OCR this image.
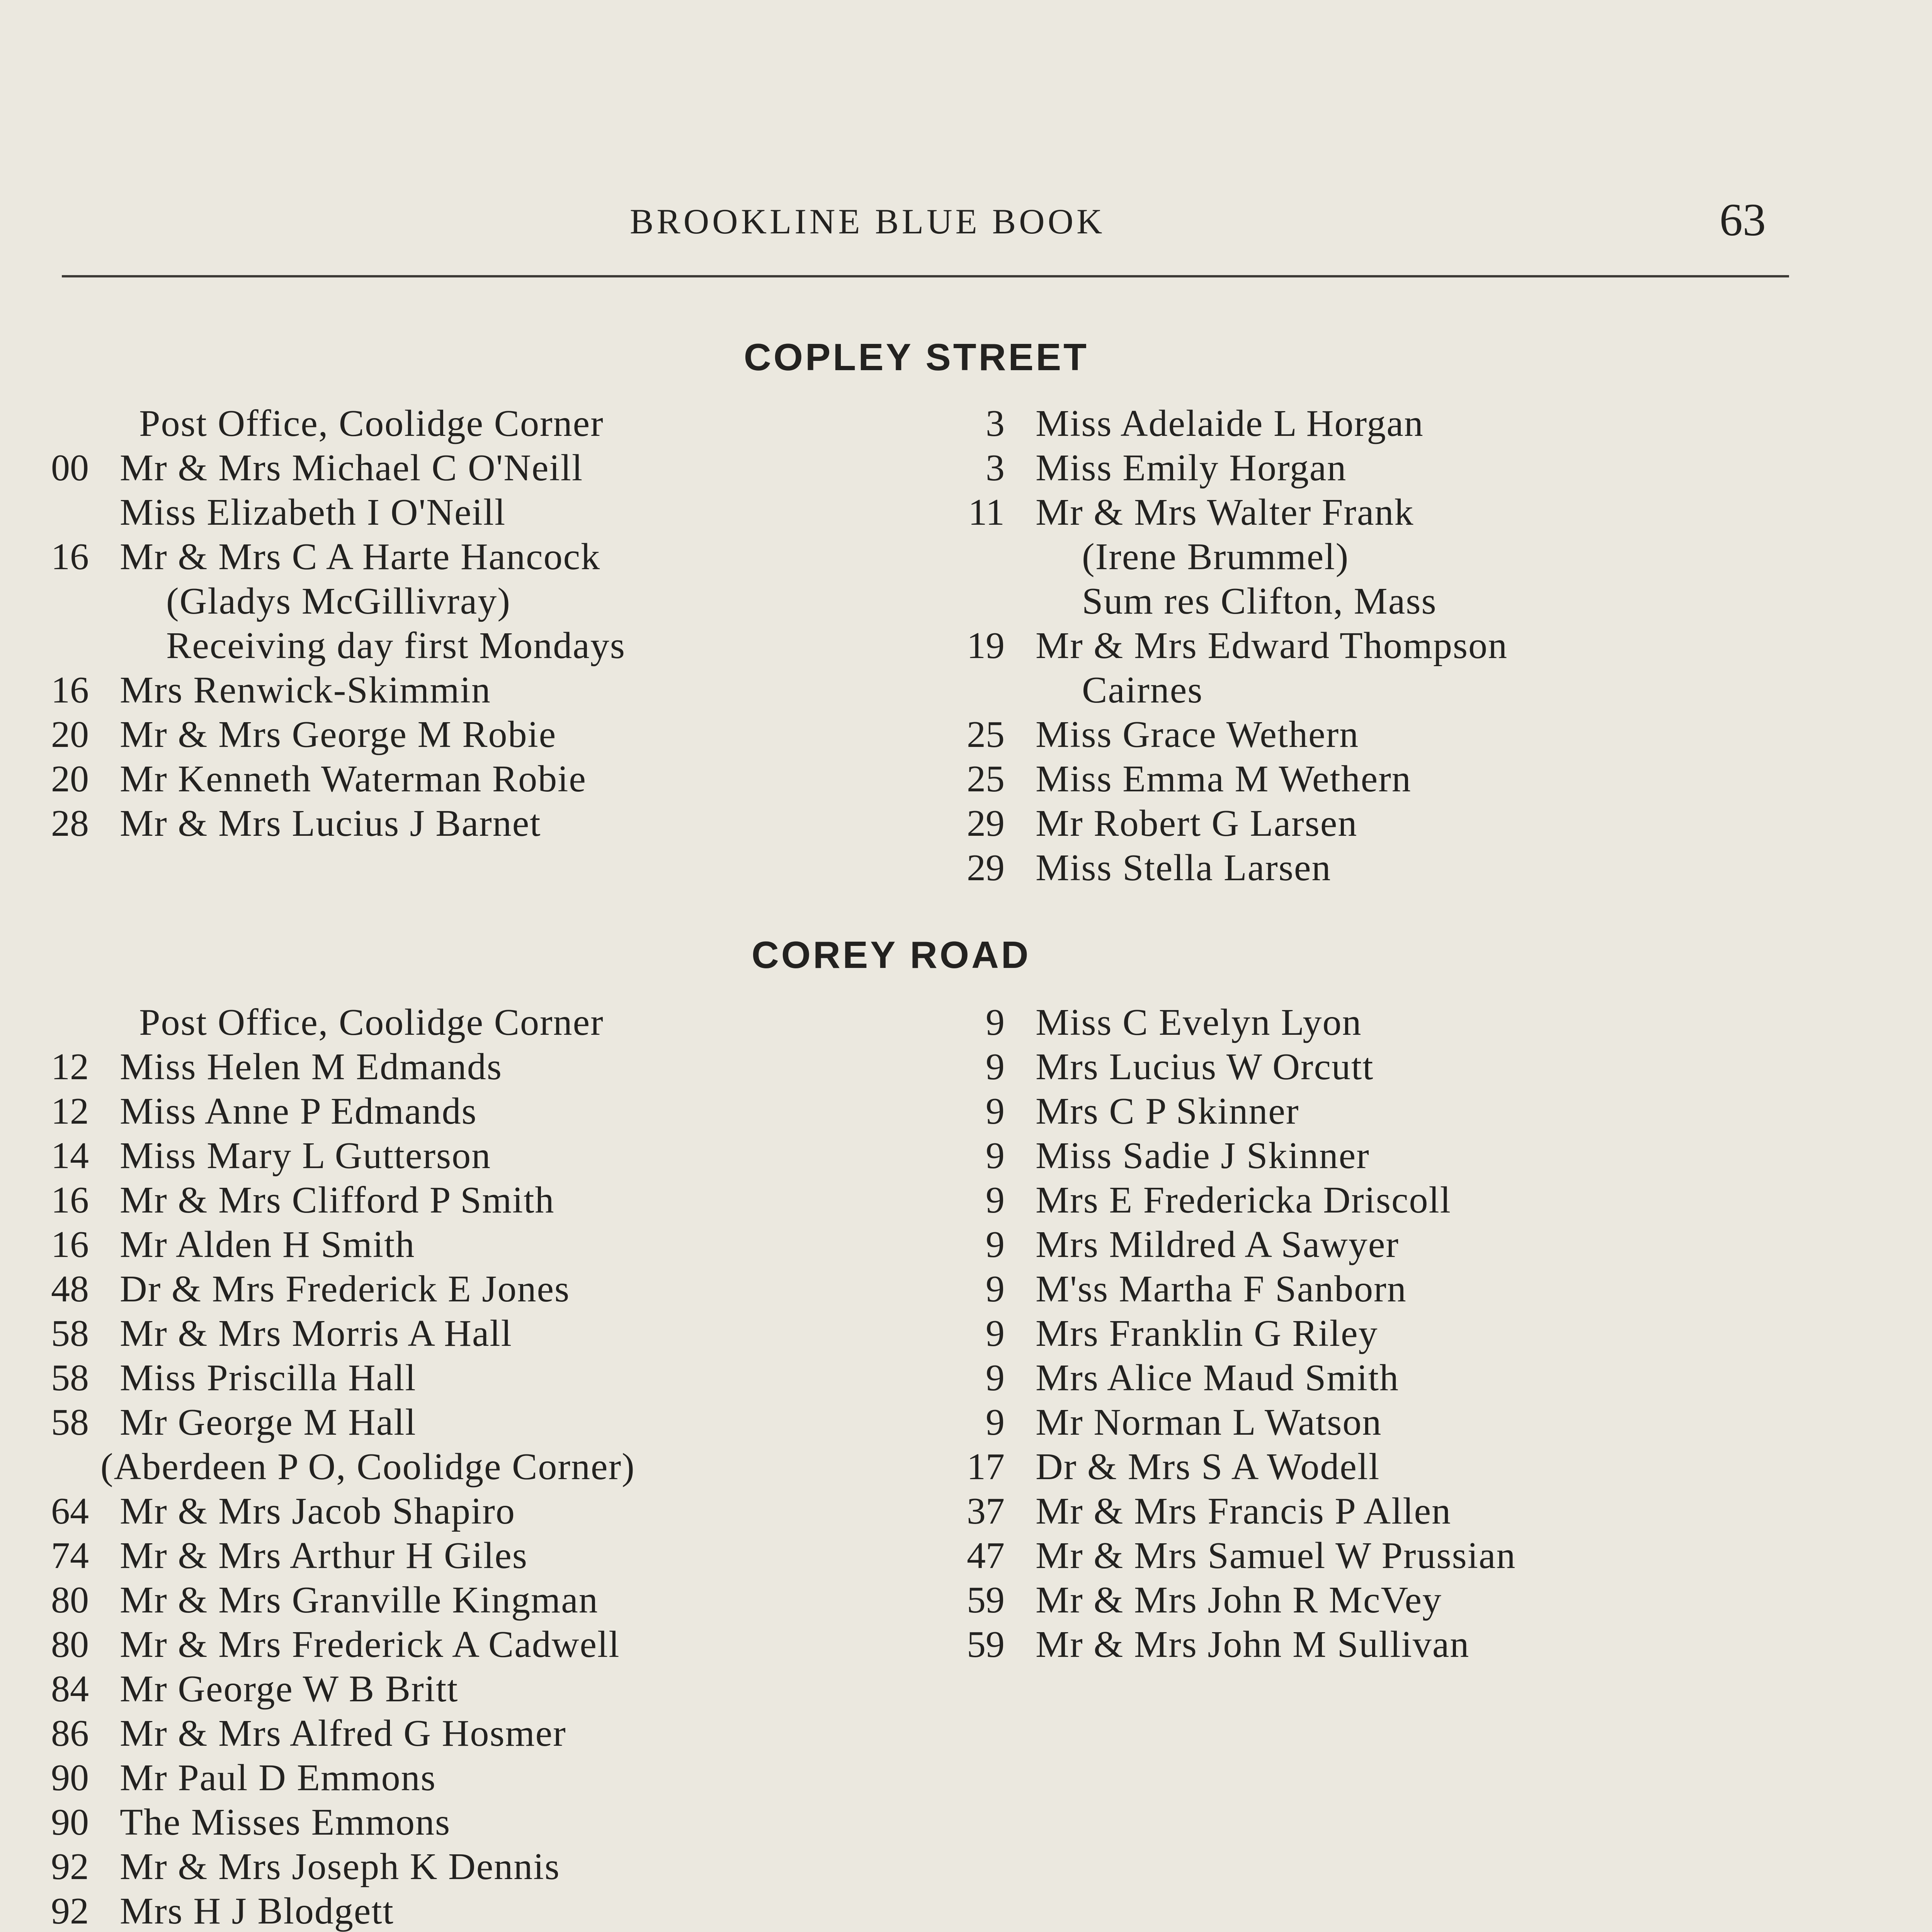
BROOKLINE BLUE BOOK	63
COPLEY STREET
Post Office, Coolidge Corner
00 Mr & Mrs Michael C O'Neill
Miss Elizabeth I O'Neill
16 Mr & Mrs C A Harte Hancock
(Gladys McGillivray)
Receiving day first Mondays
16 Mrs Renwick-Skimmin
20 Mr & Mrs George M Robie
20 Mr Kenneth Waterman Robie
28 Mr & Mrs Lucius J Barnet
3 Miss Adelaide L Horgan
3 Miss Emily Horgan
11 Mr & Mrs Walter Frank
(Irene Brummel)
Sum res Clifton, Mass
19 Mr & Mrs Edward Thompson
Cairnes
25 Miss Grace Wethern
25 Miss Emma M Wethern
29 Mr Robert G Larsen
29 Miss Stella Larsen
COREY ROAD
Post Office, Coolidge Corner
12 Miss Helen M Edmands
12 Miss Anne P Edmands
14 Miss Mary L Gutterson
16 Mr & Mrs Clifford P Smith
16 Mr Alden H Smith
48 Dr & Mrs Frederick E Jones
58 Mr & Mrs Morris A Hall
58 Miss Priscilla Hall
58 Mr George M Hall
(Aberdeen P O, Coolidge Corner)
64 Mr & Mrs Jacob Shapiro
74 Mr & Mrs Arthur H Giles
80 Mr & Mrs Granville Kingman
80 Mr & Mrs Frederick A Cadwell
84 Mr George W B Britt
86 Mr & Mrs Alfred G Hosmer
90 Mr Paul D Emmons
90 The Misses Emmons
92 Mr & Mrs Joseph K Dennis
92 Mrs H J Blodgett
9 Miss C Evelyn Lyon
9 Mrs Lucius W Orcutt
9 Mrs C P Skinner
9 Miss Sadie J Skinner
9 Mrs E Fredericka Driscoll
9 Mrs Mildred A Sawyer
9 M'ss Martha F Sanborn
9 Mrs Franklin G Riley
9 Mrs Alice Maud Smith
9 Mr Norman L Watson
17 Dr & Mrs S A Wodell
37 Mr & Mrs Francis P Allen
47 Mr & Mrs Samuel W Prussian
59 Mr & Mrs John R McVey
59 Mr & Mrs John M Sullivan
